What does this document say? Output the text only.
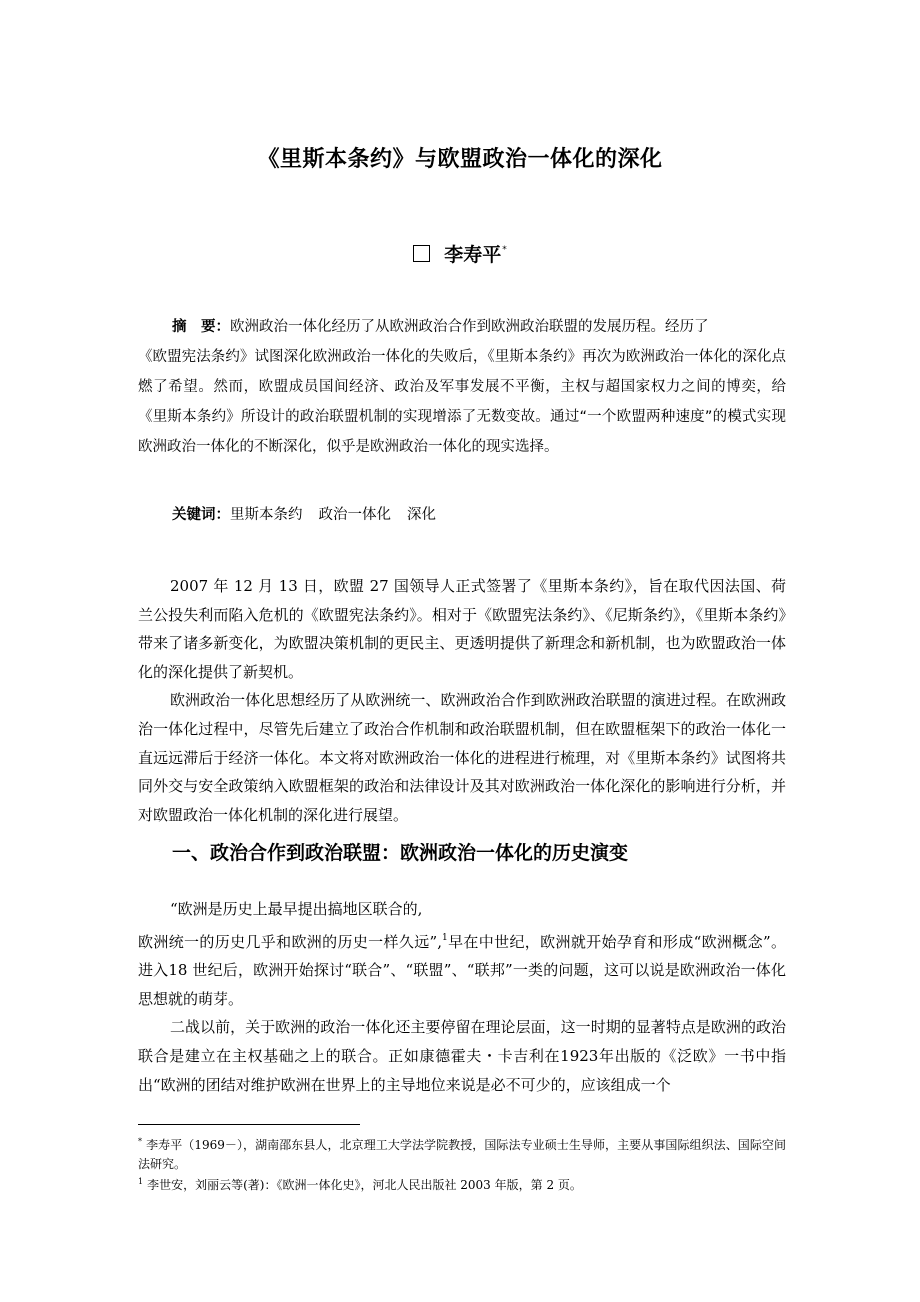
《里斯本条约》与欧盟政治一体化的深化
李寿平*
摘　要：欧洲政治一体化经历了从欧洲政治合作到欧洲政治联盟的发展历程。经历了
《欧盟宪法条约》试图深化欧洲政治一体化的失败后，《里斯本条约》再次为欧洲政治一体化的深化点燃了希望。然而，欧盟成员国间经济、政治及军事发展不平衡，主权与超国家权力之间的博奕，给《里斯本条约》所设计的政治联盟机制的实现增添了无数变故。通过“一个欧盟两种速度”的模式实现欧洲政治一体化的不断深化，似乎是欧洲政治一体化的现实选择。
关键词：里斯本条约 政治一体化 深化

2007 年 12 月 13 日，欧盟 27 国领导人正式签署了《里斯本条约》，旨在取代因法国、荷兰公投失利而陷入危机的《欧盟宪法条约》。相对于《欧盟宪法条约》、《尼斯条约》，《里斯本条约》带来了诸多新变化，为欧盟决策机制的更民主、更透明提供了新理念和新机制，也为欧盟政治一体化的深化提供了新契机。

欧洲政治一体化思想经历了从欧洲统一、欧洲政治合作到欧洲政治联盟的演进过程。在欧洲政治一体化过程中，尽管先后建立了政治合作机制和政治联盟机制，但在欧盟框架下的政治一体化一直远远滞后于经济一体化。本文将对欧洲政治一体化的进程进行梳理，对《里斯本条约》试图将共同外交与安全政策纳入欧盟框架的政治和法律设计及其对欧洲政治一体化深化的影响进行分析，并对欧盟政治一体化机制的深化进行展望。

一、政治合作到政治联盟：欧洲政治一体化的历史演变

“欧洲是历史上最早提出搞地区联合的,

欧洲统一的历史几乎和欧洲的历史一样久远”,$^1$早在中世纪，欧洲就开始孕育和形成“欧洲概念”。进入18 世纪后，欧洲开始探讨“联合”、“联盟”、“联邦”一类的问题，这可以说是欧洲政治一体化思想就的萌芽。

二战以前，关于欧洲的政治一体化还主要停留在理论层面，这一时期的显著特点是欧洲的政治联合是建立在主权基础之上的联合。正如康德霍夫・卡吉利在1923年出版的《泛欧》一书中指出“欧洲的团结对维护欧洲在世界上的主导地位来说是必不可少的，应该组成一个

* 李寿平（1969－），湖南邵东县人，北京理工大学法学院教授，国际法专业硕士生导师，主要从事国际组织法、国际空间法研究。

$^1$ 李世安，刘丽云等(著)：《欧洲一体化史》，河北人民出版社 2003 年版，第 2 页。
